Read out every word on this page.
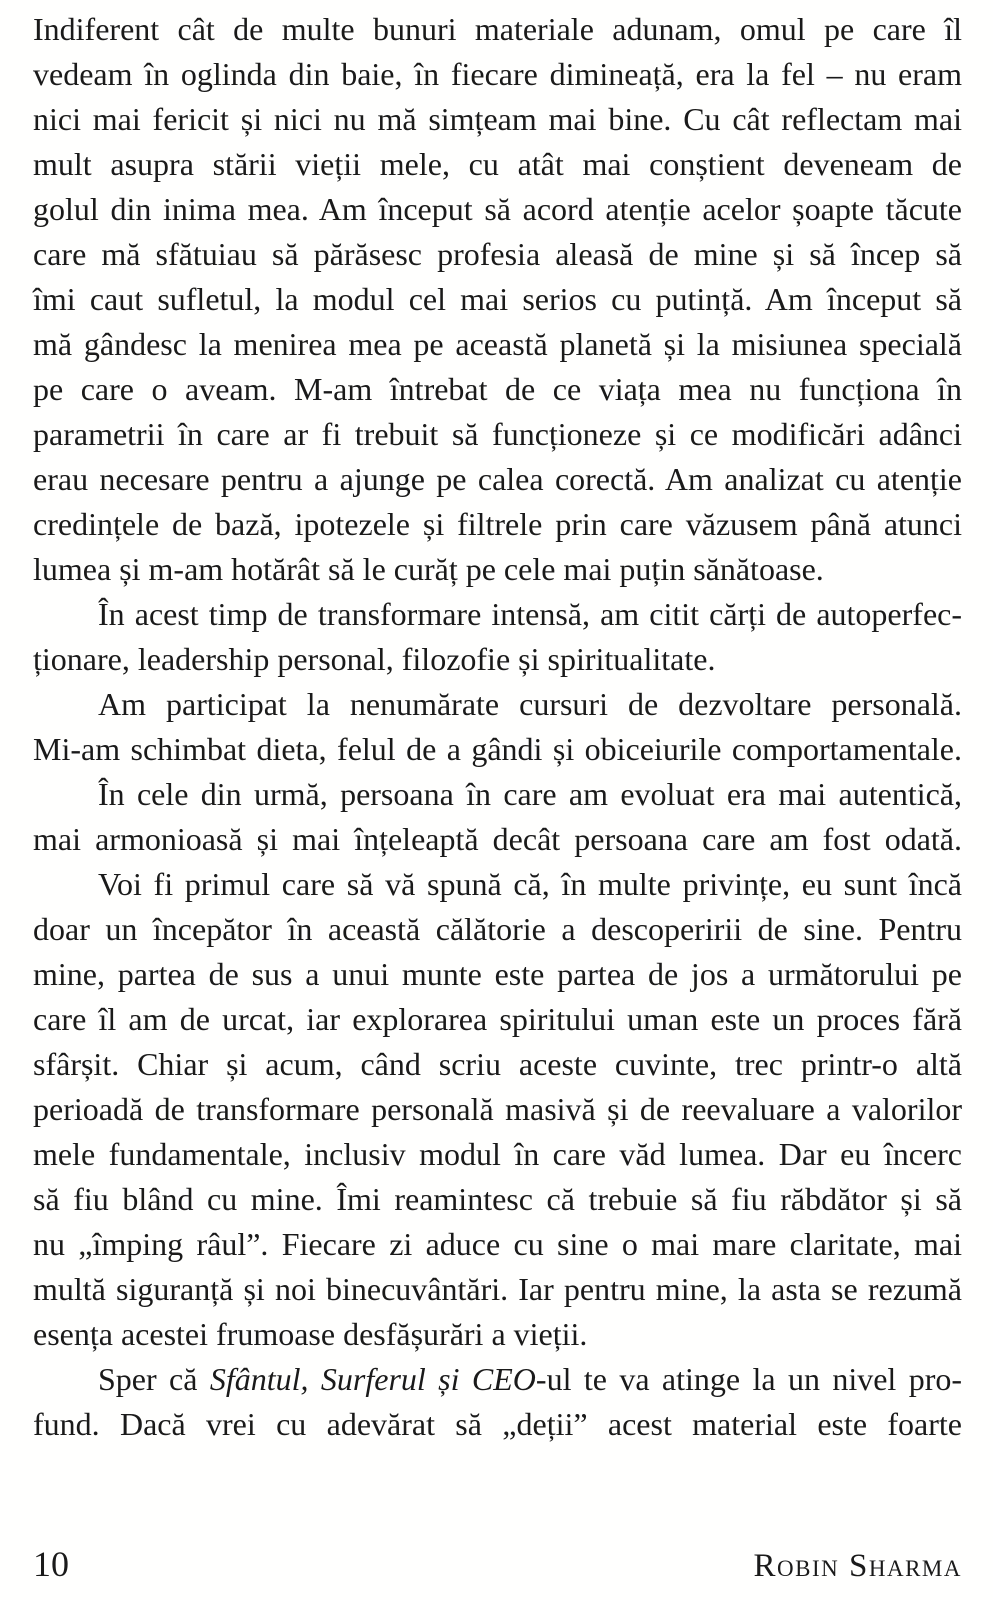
Indiferent cât de multe bunuri materiale adunam, omul pe care îl
vedeam în oglinda din baie, în fiecare dimineață, era la fel – nu eram
nici mai fericit și nici nu mă simțeam mai bine. Cu cât reflectam mai
mult asupra stării vieții mele, cu atât mai conștient deveneam de
golul din inima mea. Am început să acord atenție acelor șoapte tăcute
care mă sfătuiau să părăsesc profesia aleasă de mine și să încep să
îmi caut sufletul, la modul cel mai serios cu putință. Am început să
mă gândesc la menirea mea pe această planetă și la misiunea specială
pe care o aveam. M-am întrebat de ce viața mea nu funcționa în
parametrii în care ar fi trebuit să funcționeze și ce modificări adânci
erau necesare pentru a ajunge pe calea corectă. Am analizat cu atenție
credințele de bază, ipotezele și filtrele prin care văzusem până atunci
lumea și m-am hotărât să le curăț pe cele mai puțin sănătoase.
În acest timp de transformare intensă, am citit cărți de autoperfec-
ționare, leadership personal, filozofie și spiritualitate.
Am participat la nenumărate cursuri de dezvoltare personală.
Mi-am schimbat dieta, felul de a gândi și obiceiurile comportamentale.
În cele din urmă, persoana în care am evoluat era mai autentică,
mai armonioasă și mai înțeleaptă decât persoana care am fost odată.
Voi fi primul care să vă spună că, în multe privințe, eu sunt încă
doar un începător în această călătorie a descoperirii de sine. Pentru
mine, partea de sus a unui munte este partea de jos a următorului pe
care îl am de urcat, iar explorarea spiritului uman este un proces fără
sfârșit. Chiar și acum, când scriu aceste cuvinte, trec printr-o altă
perioadă de transformare personală masivă și de reevaluare a valorilor
mele fundamentale, inclusiv modul în care văd lumea. Dar eu încerc
să fiu blând cu mine. Îmi reamintesc că trebuie să fiu răbdător și să
nu „împing râul”. Fiecare zi aduce cu sine o mai mare claritate, mai
multă siguranță și noi binecuvântări. Iar pentru mine, la asta se rezumă
esența acestei frumoase desfășurări a vieții.
Sper că Sfântul, Surferul și CEO-ul te va atinge la un nivel pro-
fund. Dacă vrei cu adevărat să „deții” acest material este foarte
10	Robin Sharma
